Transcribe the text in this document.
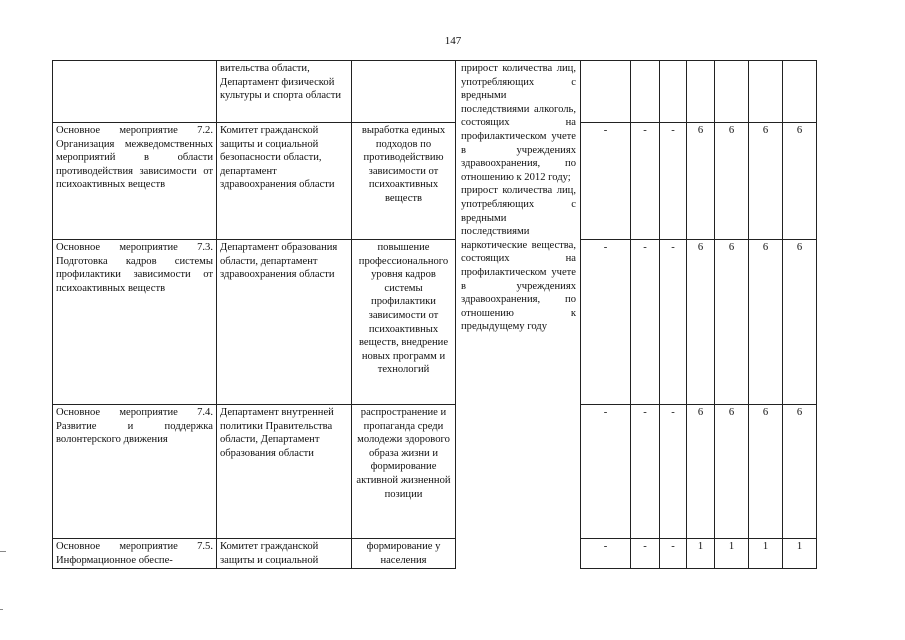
147
	вительства области, Департамент физической культуры и спорта области		прирост количества лиц, употребляющих с вредными последствиями алкоголь, состоящих на профилактическом учете в учреждениях здравоохранения, по отношению к 2012 году;
прирост количества лиц, употребляющих с вредными последствиями наркотические вещества, состоящих на профилактическом учете в учреждениях здравоохранения, по отношению к предыдущему году							

Основное мероприятие 7.2. Организация межведомственных мероприятий в области противодействия зависимости от психоактивных веществ	Комитет гражданской защиты и социальной безопасности области, департамент здравоохранения области	выработка единых подходов по противодействию зависимости от психоактивных веществ		-	-	-	6	6	6	6
Основное мероприятие 7.3. Подготовка кадров системы профилактики зависимости от психоактивных веществ	Департамент образования области, департамент здравоохранения области	повышение профессионального уровня кадров системы профилактики зависимости от психоактивных веществ, внедрение новых программ и технологий		-	-	-	6	6	6	6
Основное мероприятие 7.4. Развитие и поддержка волонтерского движения	Департамент внутренней политики Правительства области, Департамент образования области	распространение и пропаганда среди молодежи здорового образа жизни и формирование активной жизненной позиции		-	-	-	6	6	6	6
Основное мероприятие 7.5. Информационное обеспе-	Комитет гражданской защиты и социальной	формирование у населения		-	-	-	1	1	1	1
